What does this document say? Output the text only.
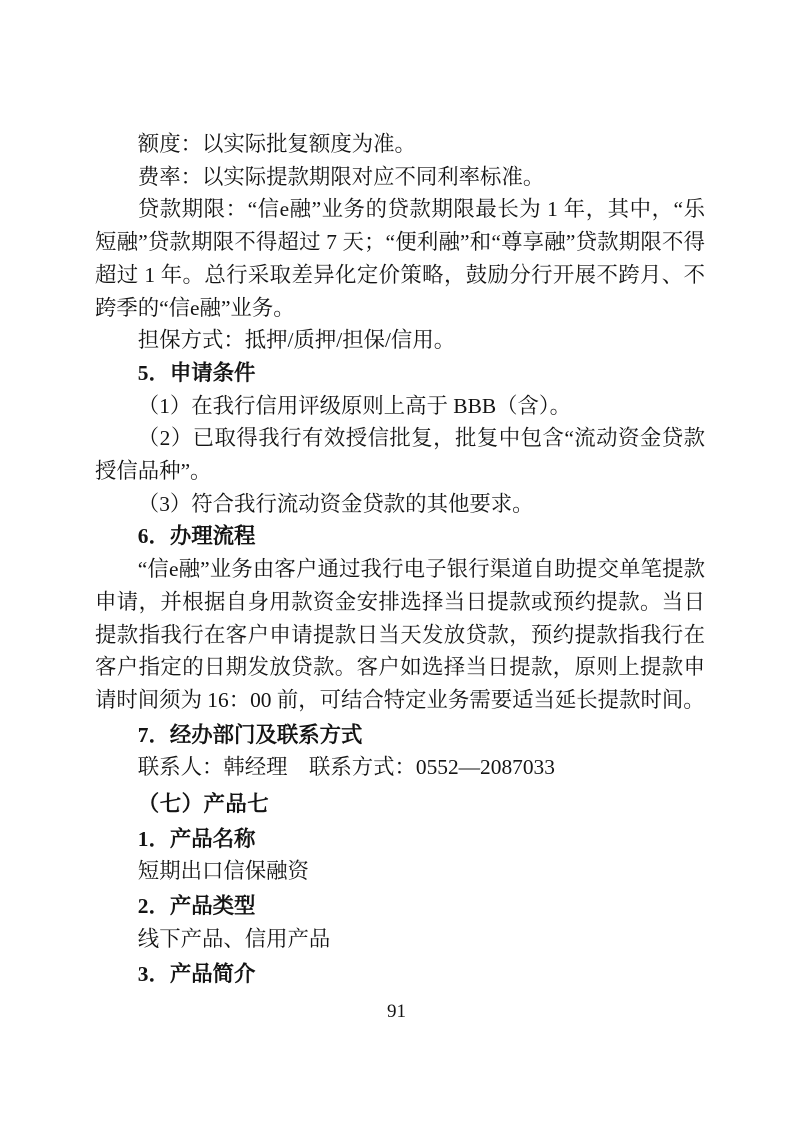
额度：以实际批复额度为准。

费率：以实际提款期限对应不同利率标准。

贷款期限：“信e融”业务的贷款期限最长为 1 年，其中，“乐短融”贷款期限不得超过 7 天；“便利融”和“尊享融”贷款期限不得超过 1 年。总行采取差异化定价策略，鼓励分行开展不跨月、不跨季的“信e融”业务。

担保方式：抵押/质押/担保/信用。

5．申请条件

（1）在我行信用评级原则上高于 BBB（含）。

（2）已取得我行有效授信批复，批复中包含“流动资金贷款授信品种”。

（3）符合我行流动资金贷款的其他要求。

6．办理流程

“信e融”业务由客户通过我行电子银行渠道自助提交单笔提款申请，并根据自身用款资金安排选择当日提款或预约提款。当日提款指我行在客户申请提款日当天发放贷款，预约提款指我行在客户指定的日期发放贷款。客户如选择当日提款，原则上提款申请时间须为 16：00 前，可结合特定业务需要适当延长提款时间。

7．经办部门及联系方式

联系人：韩经理　联系方式：0552—2087033

（七）产品七

1．产品名称

短期出口信保融资

2．产品类型

线下产品、信用产品

3．产品简介

91
